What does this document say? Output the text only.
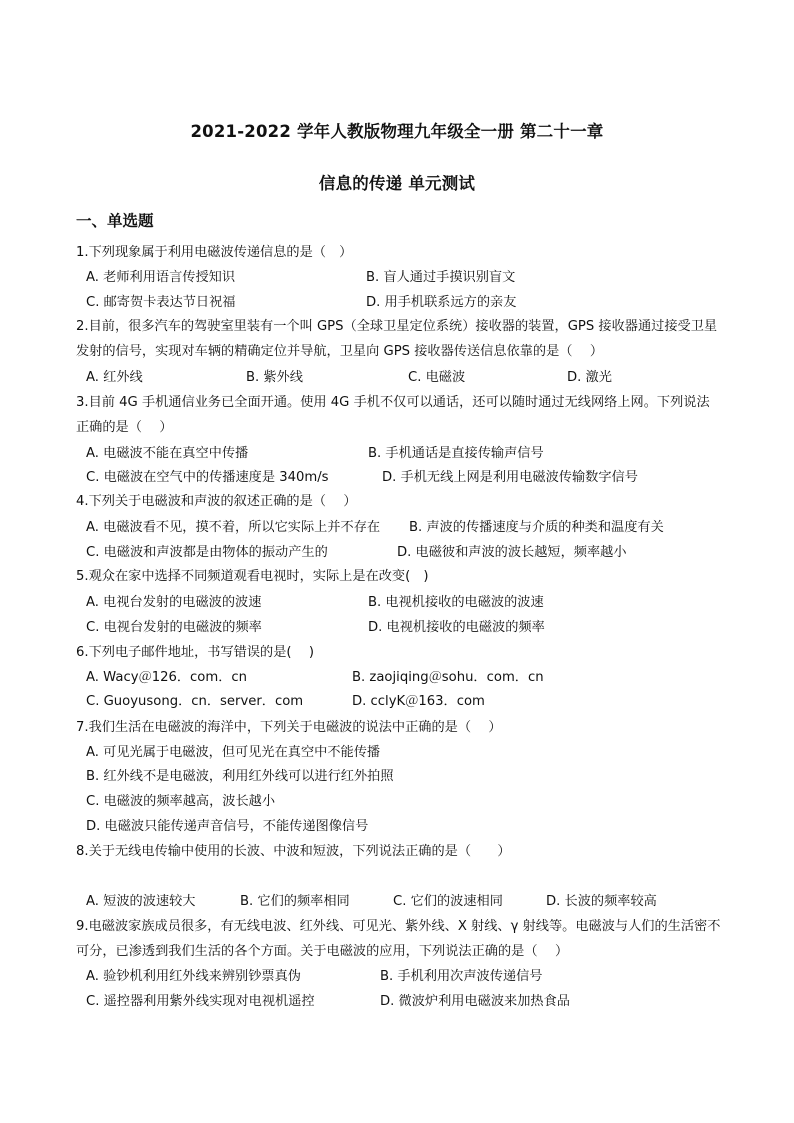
2021-2022 学年人教版物理九年级全一册 第二十一章
信息的传递 单元测试
一、单选题
1.下列现象属于利用电磁波传递信息的是（　）
A. 老师利用语言传授知识	B. 盲人通过手摸识别盲文
C. 邮寄贺卡表达节日祝福	D. 用手机联系远方的亲友
2.目前，很多汽车的驾驶室里装有一个叫 GPS（全球卫星定位系统）接收器的装置，GPS 接收器通过接受卫星发射的信号，实现对车辆的精确定位并导航，卫星向 GPS 接收器传送信息依靠的是（　 ）
A. 红外线	B. 紫外线	C. 电磁波	D. 激光
3.目前 4G 手机通信业务已全面开通。使用 4G 手机不仅可以通话，还可以随时通过无线网络上网。下列说法正确的是（　 ）
A. 电磁波不能在真空中传播	B. 手机通话是直接传输声信号
C. 电磁波在空气中的传播速度是 340m/s	D. 手机无线上网是利用电磁波传输数字信号
4.下列关于电磁波和声波的叙述正确的是（　 ）
A. 电磁波看不见，摸不着，所以它实际上并不存在 B. 声波的传播速度与介质的种类和温度有关
C. 电磁波和声波都是由物体的振动产生的	D. 电磁彼和声波的波长越短，频率越小
5.观众在家中选择不同频道观看电视时，实际上是在改变(　)
A. 电视台发射的电磁波的波速	B. 电视机接收的电磁波的波速
C. 电视台发射的电磁波的频率	D. 电视机接收的电磁波的频率
6.下列电子邮件地址，书写错误的是(　 )
A. Wacy＠126．com．cn	B. zaojiqing＠sohu．com．cn
C. Guoyusong．cn．server．com	D. cclyK＠163．com
7.我们生活在电磁波的海洋中，下列关于电磁波的说法中正确的是（　 ）
A. 可见光属于电磁波，但可见光在真空中不能传播
B. 红外线不是电磁波，利用红外线可以进行红外拍照
C. 电磁波的频率越高，波长越小
D. 电磁波只能传递声音信号，不能传递图像信号
8.关于无线电传输中使用的长波、中波和短波，下列说法正确的是（　　）
A. 短波的波速较大	B. 它们的频率相同	C. 它们的波速相同	D. 长波的频率较高
9.电磁波家族成员很多，有无线电波、红外线、可见光、紫外线、X 射线、γ 射线等。电磁波与人们的生活密不可分，已渗透到我们生活的各个方面。关于电磁波的应用，下列说法正确的是（　 ）
A. 验钞机利用红外线来辨别钞票真伪	B. 手机利用次声波传递信号
C. 遥控器利用紫外线实现对电视机遥控	D. 微波炉利用电磁波来加热食品
